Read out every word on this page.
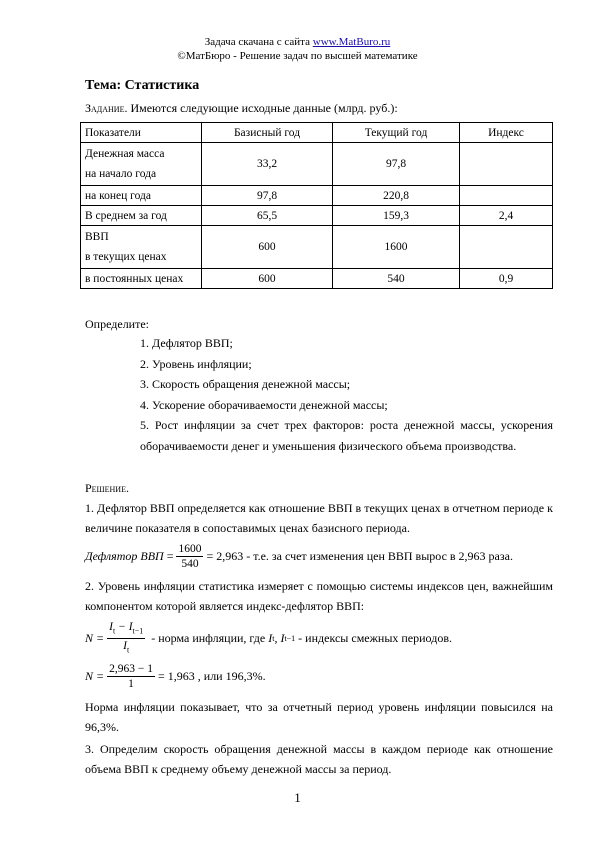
Задача скачана с сайта www.MatBuro.ru
©МатБюро - Решение задач по высшей математике
Тема: Статистика
Задание. Имеются следующие исходные данные (млрд. руб.):
Показатели	Базисный год	Текущий год	Индекс
Денежная масса
на начало года	33,2	97,8	
на конец года	97,8	220,8	
В среднем за год	65,5	159,3	2,4
ВВП
в текущих ценах	600	1600	
в постоянных ценах	600	540	0,9
Определите:
1. Дефлятор ВВП;
2. Уровень инфляции;
3. Скорость обращения денежной массы;
4. Ускорение оборачиваемости денежной массы;
5. Рост инфляции за счет трех факторов: роста денежной массы, ускорения оборачиваемости денег и уменьшения физического объема производства.
Решение.
1. Дефлятор ВВП определяется как отношение ВВП в текущих ценах в отчетном периоде к величине показателя в сопоставимых ценах базисного периода.
Дефлятор ВВП = $\frac{1600}{540} = 2,963 - т.е$. за счет изменения цен ВВП вырос в 2,963 раза.
2. Уровень инфляции статистика измеряет с помощью системы индексов цен, важнейшим компонентом которой является индекс-дефлятор ВВП:
$N = \frac{I_t - I_{t-1}}{I_t}$ - норма инфляции, где I t , I t−1 - индексы смежных периодов.
$N = \frac{2,963 - 1}{1} = 1,963$ , или 196,3%.
Норма инфляции показывает, что за отчетный период уровень инфляции повысился на 96,3%.
3. Определим скорость обращения денежной массы в каждом периоде как отношение объема ВВП к среднему объему денежной массы за период.
1
